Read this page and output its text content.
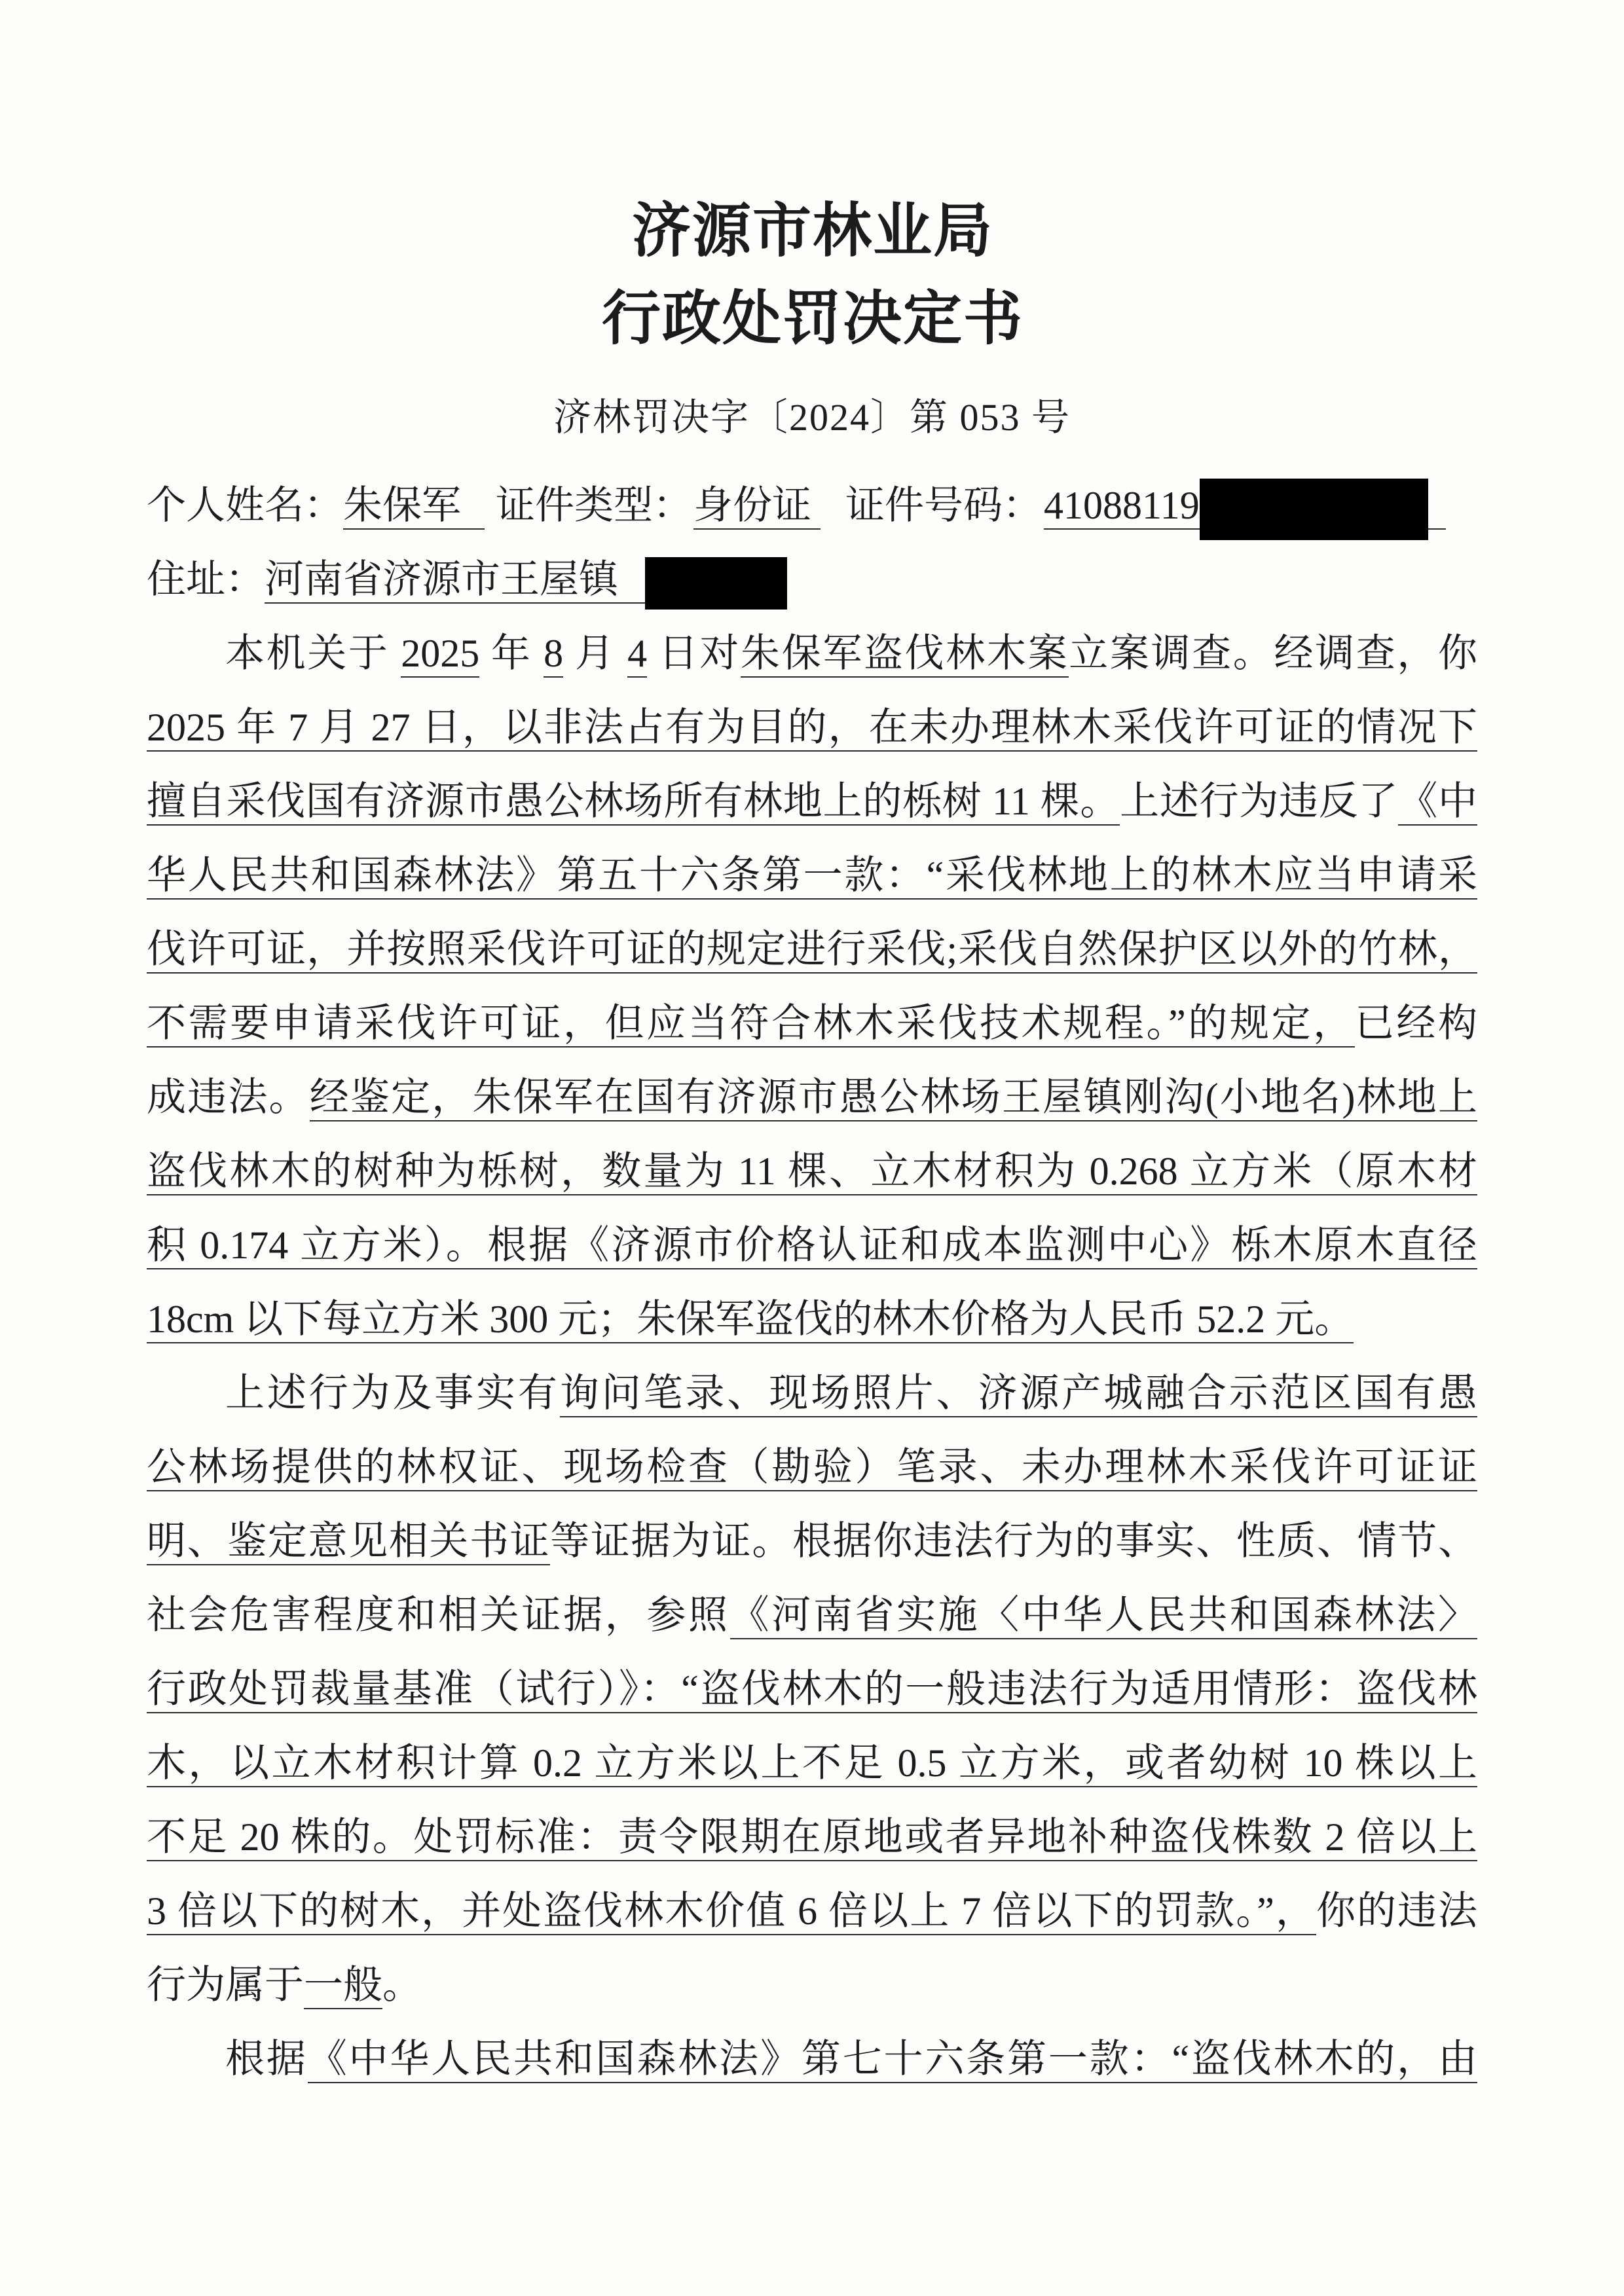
济源市林业局
行政处罚决定书
济林罚决字〔2024〕第 053 号
个人姓名：朱保军 证件类型：身份证 证件号码：41088119
住址：河南省济源市王屋镇
本机关于 2025 年 8 月 4 日对朱保军盗伐林木案立案调查。经调查，你
2025 年 7 月 27 日，以非法占有为目的，在未办理林木采伐许可证的情况下
擅自采伐国有济源市愚公林场所有林地上的栎树 11 棵。上述行为违反了《中
华人民共和国森林法》第五十六条第一款：“采伐林地上的林木应当申请采
伐许可证，并按照采伐许可证的规定进行采伐;采伐自然保护区以外的竹林，
不需要申请采伐许可证，但应当符合林木采伐技术规程。”的规定，已经构
成违法。经鉴定，朱保军在国有济源市愚公林场王屋镇刚沟(小地名)林地上
盗伐林木的树种为栎树，数量为 11 棵、立木材积为 0.268 立方米（原木材
积 0.174 立方米）。根据《济源市价格认证和成本监测中心》栎木原木直径
18cm 以下每立方米 300 元；朱保军盗伐的林木价格为人民币 52.2 元。
上述行为及事实有询问笔录、现场照片、济源产城融合示范区国有愚
公林场提供的林权证、现场检查（勘验）笔录、未办理林木采伐许可证证
明、鉴定意见相关书证等证据为证。根据你违法行为的事实、性质、情节、
社会危害程度和相关证据，参照《河南省实施〈中华人民共和国森林法〉
行政处罚裁量基准（试行）》：“盗伐林木的一般违法行为适用情形：盗伐林
木，以立木材积计算 0.2 立方米以上不足 0.5 立方米，或者幼树 10 株以上
不足 20 株的。处罚标准：责令限期在原地或者异地补种盗伐株数 2 倍以上
3 倍以下的树木，并处盗伐林木价值 6 倍以上 7 倍以下的罚款。”，你的违法
行为属于一般。
根据《中华人民共和国森林法》第七十六条第一款：“盗伐林木的，由
